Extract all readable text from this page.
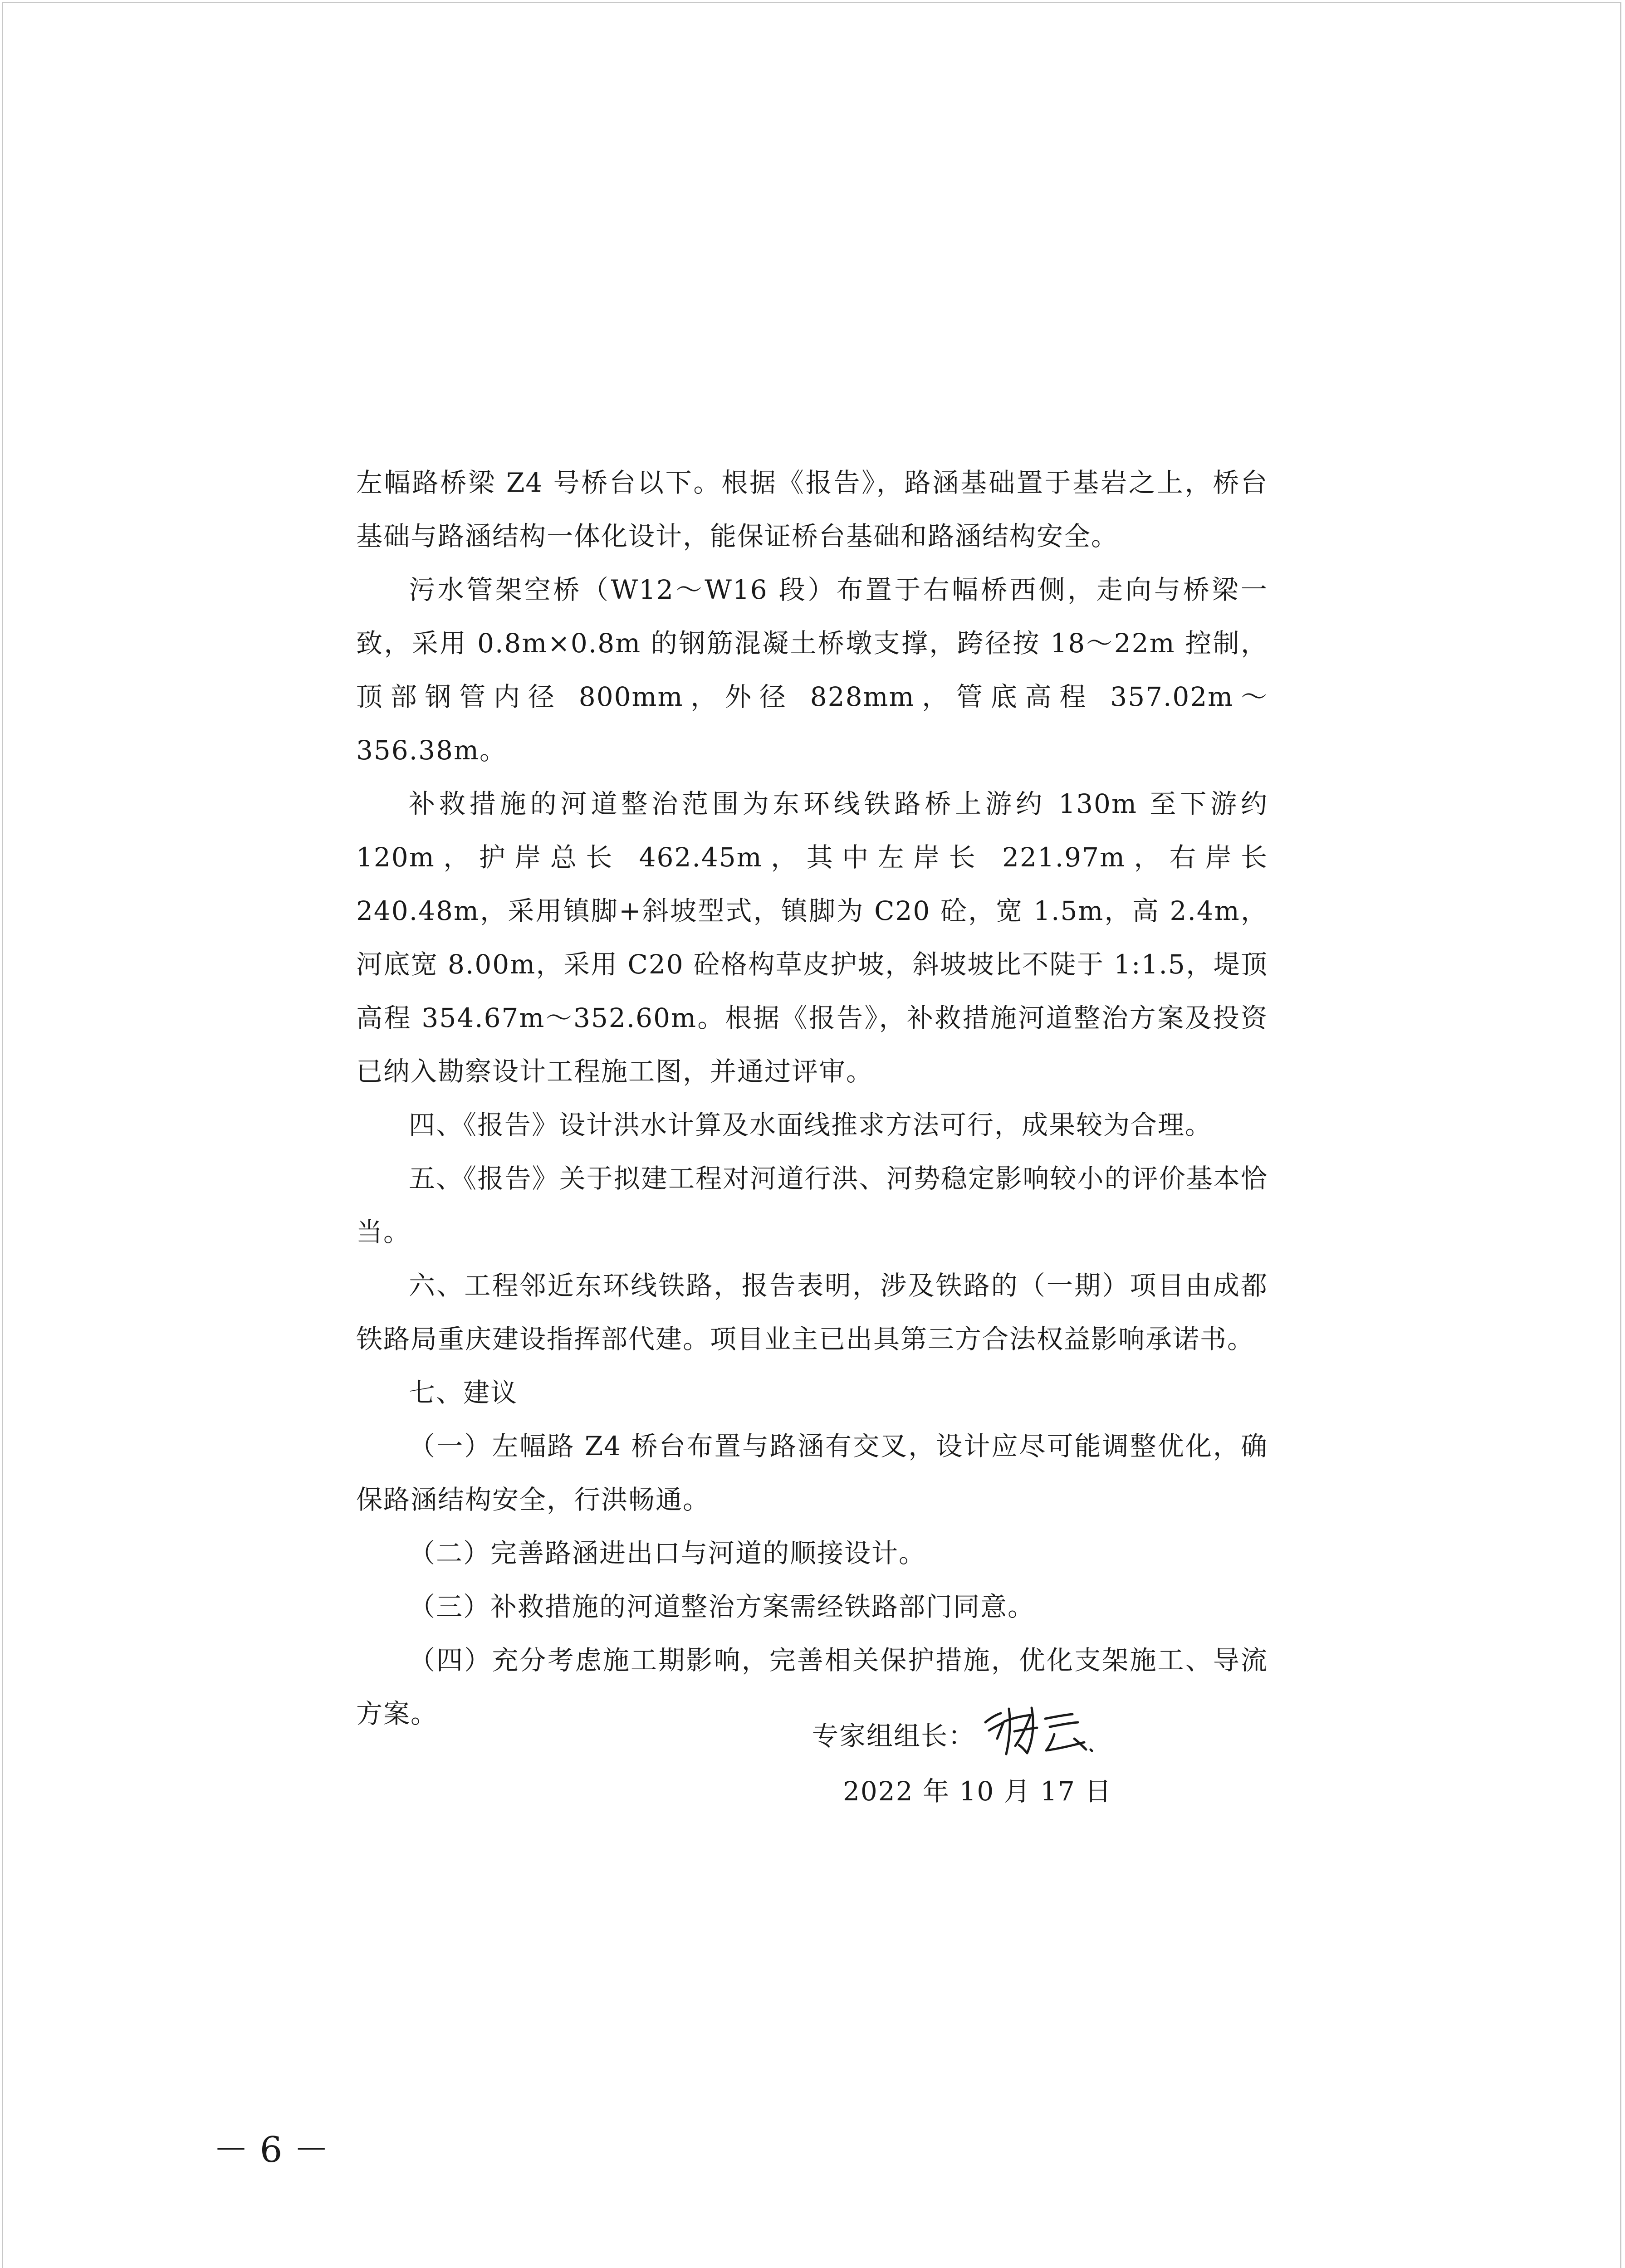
左幅路桥梁 Z4 号桥台以下。根据《报告》，路涵基础置于基岩之上，桥台基础与路涵结构一体化设计，能保证桥台基础和路涵结构安全。

污水管架空桥（W12～W16 段）布置于右幅桥西侧，走向与桥梁一致，采用 0.8m×0.8m 的钢筋混凝土桥墩支撑，跨径按 18～22m 控制，顶部钢管内径 800mm，外径 828mm，管底高程 357.02m～356.38m。

补救措施的河道整治范围为东环线铁路桥上游约 130m 至下游约 120m，护岸总长 462.45m，其中左岸长 221.97m，右岸长 240.48m，采用镇脚+斜坡型式，镇脚为 C20 砼，宽 1.5m，高 2.4m，河底宽 8.00m，采用 C20 砼格构草皮护坡，斜坡坡比不陡于 1:1.5，堤顶高程 354.67m～352.60m。根据《报告》，补救措施河道整治方案及投资已纳入勘察设计工程施工图，并通过评审。

四、《报告》设计洪水计算及水面线推求方法可行，成果较为合理。

五、《报告》关于拟建工程对河道行洪、河势稳定影响较小的评价基本恰当。

六、工程邻近东环线铁路，报告表明，涉及铁路的（一期）项目由成都铁路局重庆建设指挥部代建。项目业主已出具第三方合法权益影响承诺书。

七、建议

（一）左幅路 Z4 桥台布置与路涵有交叉，设计应尽可能调整优化，确保路涵结构安全，行洪畅通。

（二）完善路涵进出口与河道的顺接设计。

（三）补救措施的河道整治方案需经铁路部门同意。

（四）充分考虑施工期影响，完善相关保护措施，优化支架施工、导流方案。

专家组组长：
2022 年 10 月 17 日
－ 6 －
